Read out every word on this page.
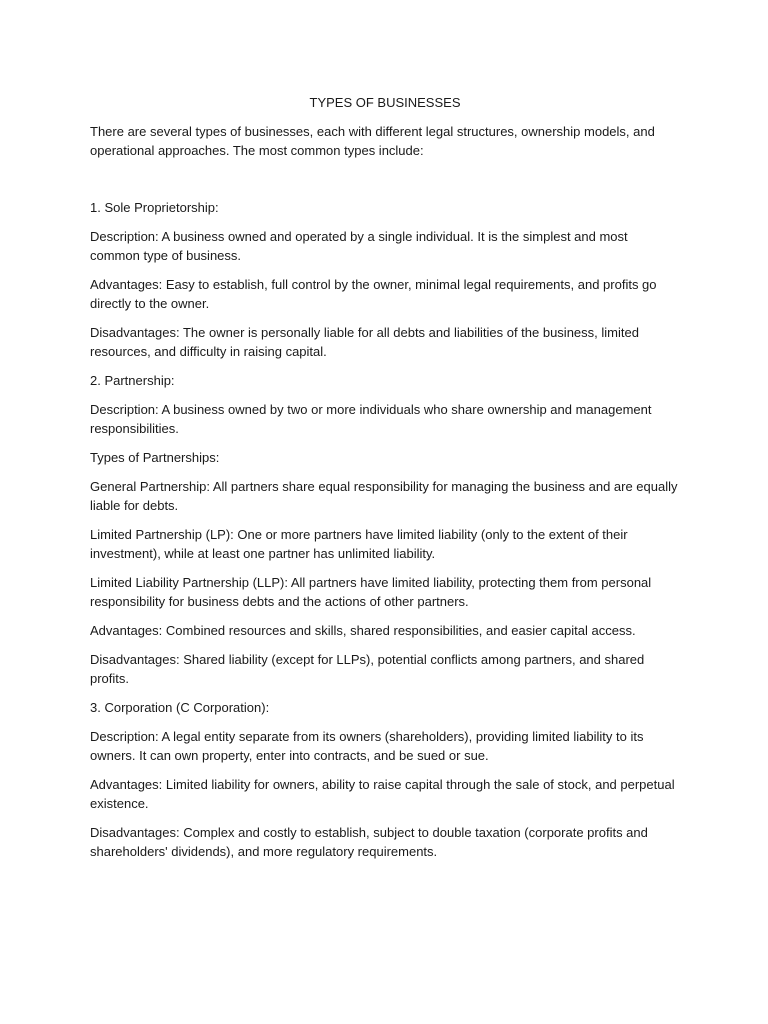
TYPES OF BUSINESSES
There are several types of businesses, each with different legal structures, ownership models, and operational approaches. The most common types include:
1. Sole Proprietorship:
Description: A business owned and operated by a single individual. It is the simplest and most common type of business.
Advantages: Easy to establish, full control by the owner, minimal legal requirements, and profits go directly to the owner.
Disadvantages: The owner is personally liable for all debts and liabilities of the business, limited resources, and difficulty in raising capital.
2. Partnership:
Description: A business owned by two or more individuals who share ownership and management responsibilities.
Types of Partnerships:
General Partnership: All partners share equal responsibility for managing the business and are equally liable for debts.
Limited Partnership (LP): One or more partners have limited liability (only to the extent of their investment), while at least one partner has unlimited liability.
Limited Liability Partnership (LLP): All partners have limited liability, protecting them from personal responsibility for business debts and the actions of other partners.
Advantages: Combined resources and skills, shared responsibilities, and easier capital access.
Disadvantages: Shared liability (except for LLPs), potential conflicts among partners, and shared profits.
3. Corporation (C Corporation):
Description: A legal entity separate from its owners (shareholders), providing limited liability to its owners. It can own property, enter into contracts, and be sued or sue.
Advantages: Limited liability for owners, ability to raise capital through the sale of stock, and perpetual existence.
Disadvantages: Complex and costly to establish, subject to double taxation (corporate profits and shareholders' dividends), and more regulatory requirements.
